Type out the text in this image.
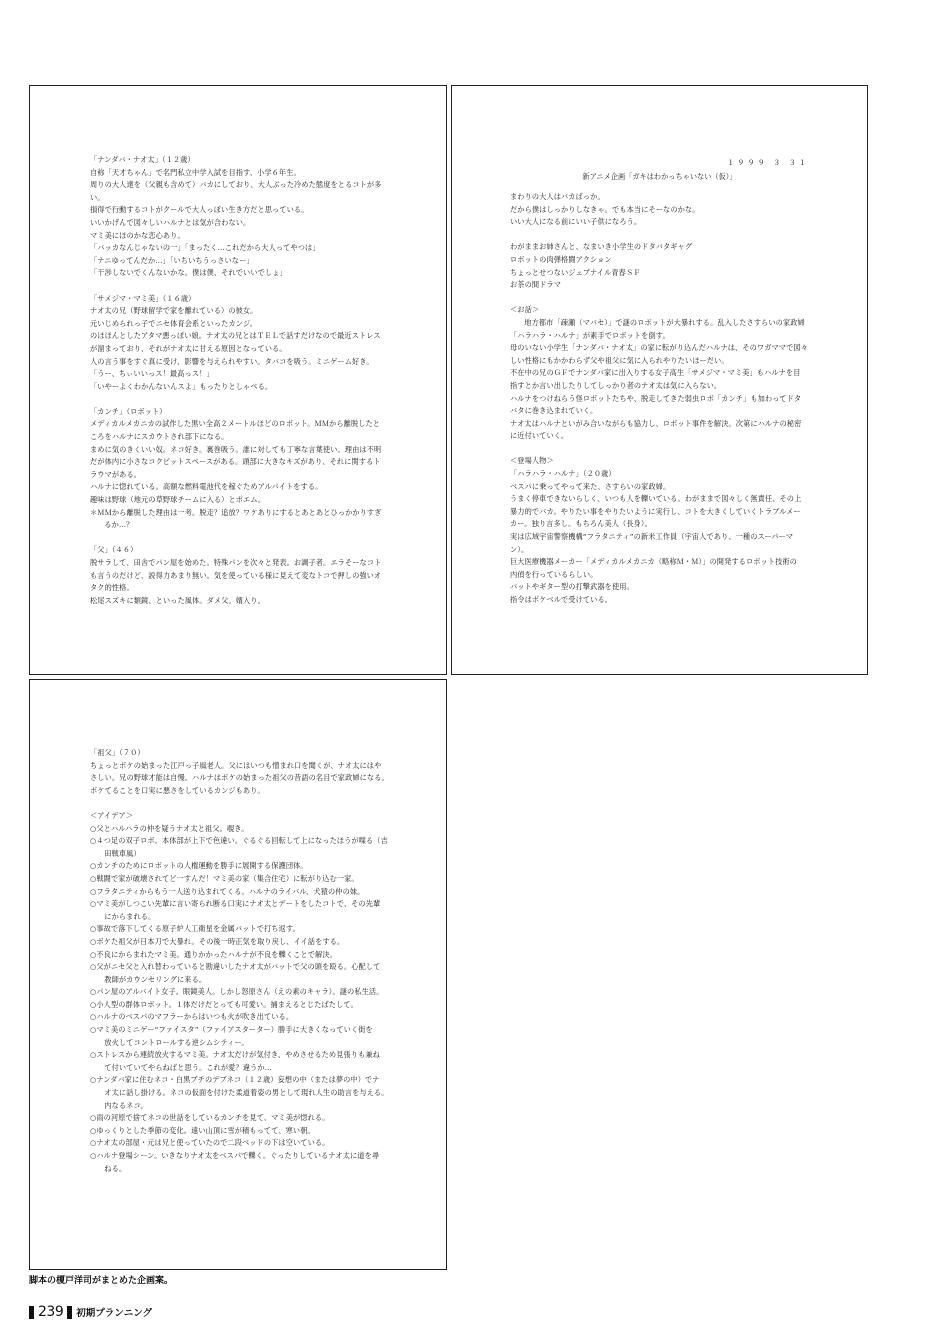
「ナンダバ・ナオ太」（１２歳）
自称「天才ちゃん」で名門私立中学入試を目指す、小学６年生。
周りの大人達を（父親も含めて）バカにしており、大人ぶった冷めた態度をとるコトが多
い。
損得で行動するコトがクールで大人っぽい生き方だと思っている。
いいかげんで図々しいハルナとは気が合わない。
マミ美にほのかな恋心あり。
「バッカなんじゃないの一」「まったく…これだから大人ってやつは」
「ナニゆってんだか…」「いちいちうっさいなー」
「干渉しないでくんないかな。僕は僕、それでいいでしょ」
「サメジマ・マミ美」（１６歳）
ナオ太の兄（野球留学で家を離れている）の彼女。
元いじめられっ子でニセ体育会系といったカンジ。
のほほんとしたアタマ悪っぽい娘。ナオ太の兄とはＴＥＬで話すだけなので最近ストレス
が溜まっており、それがナオ太に甘える原因となっている。
人の言う事をすぐ真に受け、影響を与えられやすい。タバコを吸う。ミニゲーム好き。
「うー、ちぃいいっス！最高っス！」
「いやーよくわかんないんスよ」もったりとしゃべる。
「カンチ」（ロボット）
メディカルメカニカの試作した黒い全高２メートルほどのロボット。ＭＭから離脱したと
ころをハルナにスカウトされ部下になる。
まめに気のきくいい奴。ネコ好き。裏巻吸う。誰に対しても丁寧な言葉使い。理由は不明
だが体内に小さなコクピットスペースがある。頭部に大きなキズがあり、それに関するト
ラウマがある。
ハルナに惚れている。高額な燃料電池代を稼ぐためアルバイトをする。
趣味は野球（地元の草野球チームに入る）とポエム。
＊ＭＭから離脱した理由は一考。脱走？追放？ワケありにするとあとあとひっかかりすぎ
　るか…？
「父」（４６）
脱サラして、田舎でパン屋を始めた。特殊パンを次々と発表。お調子者。エラそーなコト
も言うのだけど、説得力あまり無い。気を使っている様に見えて変なトコで押しの強いオ
タク的性格。
松尾スズキに類鏡、といった風体。ダメ父。婿入り。
１９９９ ３ ３１
新アニメ企画「ガキはわかっちゃいない（仮）」
まわりの大人はバカばっか。
だから僕はしっかりしなきゃ。でも本当にそーなのかな。
いい大人になる前にいい子供になろう。
わがままお姉さんと、なまいき小学生のドタバタギャグ
ロボットの肉弾格闘アクション
ちょっとせつないジュブナイル青春ＳＦ
お茶の間ドラマ
＜お話＞
　地方都市「疎瀬（マバセ）」で謎のロボットが大暴れする。乱入したさすらいの家政婦
「ハラハラ・ハルナ」が素手でロボットを倒す。
母のいない小学生「ナンダバ・ナオ太」の家に転がり込んだハルナは、そのワガママで図々
しい性格にもかかわらず父や祖父に気に入られやりたいほーだい。
不在中の兄のＧＦでナンダバ家に出入りする女子高生「サメジマ・マミ美」もハルナを目
指すとか言い出したりしてしっかり者のナオ太は気に入らない。
ハルナをつけねらう怪ロボットたちや、脱走してきた弱虫ロボ「カンチ」も加わってドタ
バタに巻き込まれていく。
ナオ太はハルナといがみ合いながらも協力し、ロボット事件を解決。次第にハルナの秘密
に近付いていく。
＜登場人物＞
「ハラハラ・ハルナ」（２０歳）
ベスパに乗ってやって来た、さすらいの家政婦。
うまく停車できないらしく、いつも人を轢いている。わがままで図々しく無責任、その上
暴力的でバカ。やりたい事をやりたいように実行し、コトを大きくしていくトラブルメー
カー。独り言多し。もちろん美人（長身）。
実は広域宇宙警察機構“フラタニティ”の新米工作員（宇宙人であり、一種のスーパーマ
ン）。
巨大医療機器メーカー「メディカルメカニカ（略称Ｍ・Ｍ）」の開発するロボット技術の
内偵を行っているらしい。
バットやギター型の打撃武器を使用。
指令はポケベルで受けている。
「祖父」（７０）
ちょっとボケの始まった江戸っ子風老人。父にはいつも憎まれ口を聞くが、ナオ太にはや
さしい。兄の野球才能は自慢。ハルナはボケの始まった祖父の昔語の名目で家政婦になる。
ボケてることを口実に悪さをしているカンジもあり。
＜アイデア＞
○父とハルハラの仲を疑うナオ太と祖父。覗き。
○４つ足の双子ロボ。本体部が上下で色違い。ぐるぐる回転して上になったほうが喋る（吉
　田戦車風）
○カンチのためにロボットの人権運動を勝手に展開する保護団体。
○戦闘で家が破壊されてど一すんだ！マミ美の家（集合住宅）に転がり込む一家。
○フラタニティからもう一人送り込まれてくる。ハルナのライバル、犬猿の仲の妹。
○マミ美がしつこい先輩に言い寄られ断る口実にナオ太とデートをしたコトで、その先輩
　にからまれる。
○事故で落下してくる原子炉人工衛星を金属バットで打ち返す。
○ボケた祖父が日本刀で大暴れ。その後一時正気を取り戻し、イイ話をする。
○不良にからまれたマミ美。通りかかったハルナが不良を轢くことで解決。
○父がニセ父と入れ替わっていると勘違いしたナオ太がバットで父の頭を殴る。心配して
　教師がカウンセリングに来る。
○パン屋のアルバイト女子。眼鏡美人。しかし怒原さん（えの素のキャラ）。謎の私生活。
○小人型の群体ロボット。１体だけだとっても可愛い。捕まえるとじたばたして。
○ハルナのベスパのマフラーからはいつも火が吹き出ている。
○マミ美のミニゲー“ファイスタ”（ファイアスターター）勝手に大きくなっていく街を
　放火してコントロールする逆シムシティー。
○ストレスから連続放火するマミ美。ナオ太だけが気付き、やめさせるため見張りも兼ね
　て付いていてやらねばと思う。これが愛？違うか…
○ナンダバ家に住むネコ・白黒ブチのデブネコ（１２歳）妄想の中（または夢の中）でナ
　オ太に話し掛ける。ネコの仮面を付けた柔道着姿の男として現れ人生の助言を与える。
　内なるネコ。
○雨の河原で捨てネコの世話をしているカンチを見て、マミ美が惚れる。
○ゆっくりとした季節の変化。遠い山頂に雪が積もってて、寒い朝。
○ナオ太の部屋・元は兄と使っていたので二段ベッドの下は空いている。
○ハルナ登場シーン。いきなりナオ太をベスパで轢く。ぐったりしているナオ太に道を尋
　ねる。
脚本の榎戸洋司がまとめた企画案。
239 初期プランニング
